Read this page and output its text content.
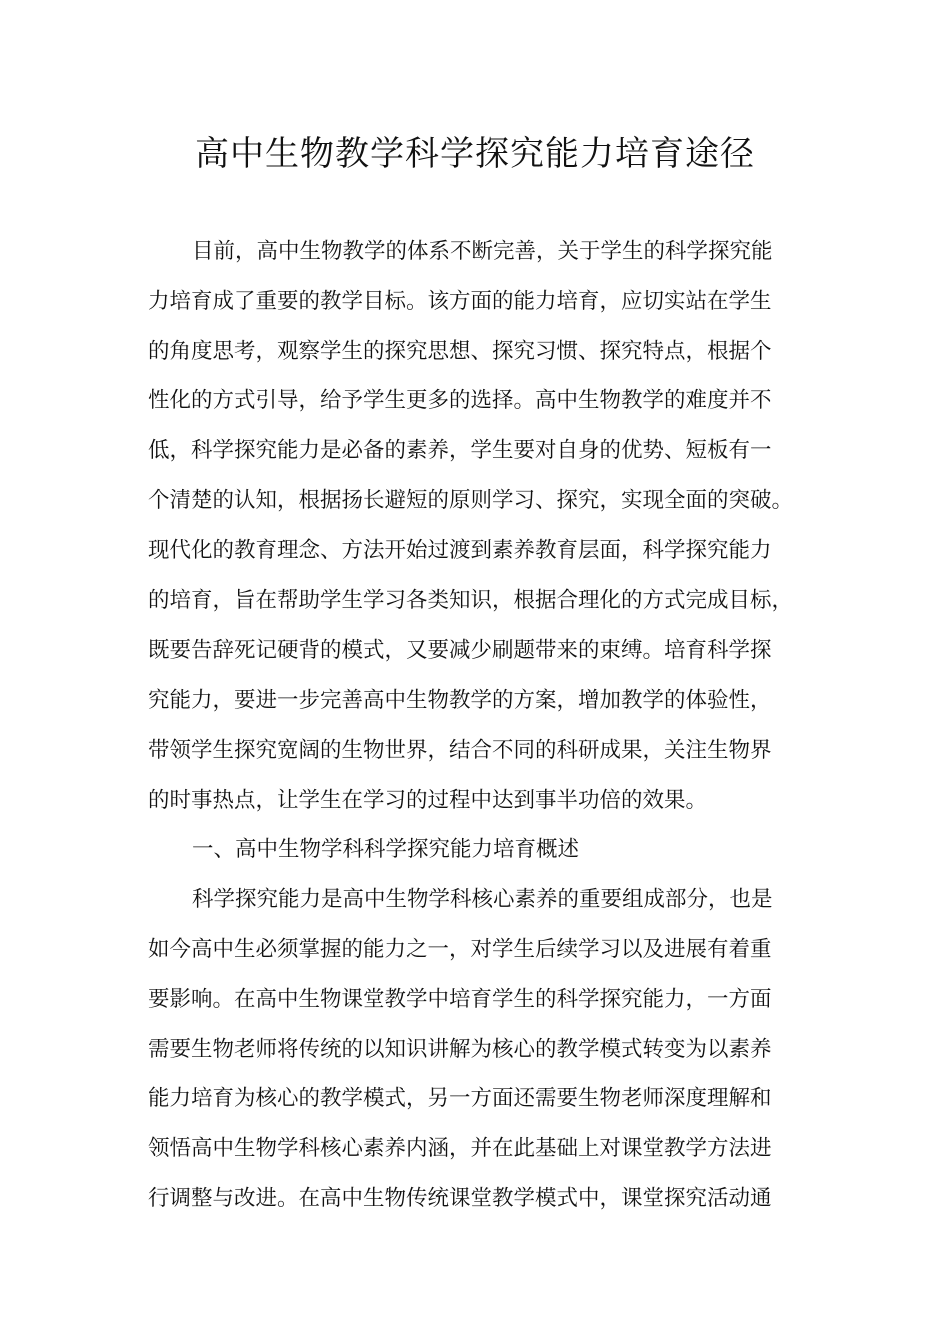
高中生物教学科学探究能力培育途径

目前，高中生物教学的体系不断完善，关于学生的科学探究能

力培育成了重要的教学目标。该方面的能力培育，应切实站在学生

的角度思考，观察学生的探究思想、探究习惯、探究特点，根据个

性化的方式引导，给予学生更多的选择。高中生物教学的难度并不

低，科学探究能力是必备的素养，学生要对自身的优势、短板有一

个清楚的认知，根据扬长避短的原则学习、探究，实现全面的突破。

现代化的教育理念、方法开始过渡到素养教育层面，科学探究能力

的培育，旨在帮助学生学习各类知识，根据合理化的方式完成目标，

既要告辞死记硬背的模式，又要减少刷题带来的束缚。培育科学探

究能力，要进一步完善高中生物教学的方案，增加教学的体验性，

带领学生探究宽阔的生物世界，结合不同的科研成果，关注生物界

的时事热点，让学生在学习的过程中达到事半功倍的效果。

一、高中生物学科科学探究能力培育概述

科学探究能力是高中生物学科核心素养的重要组成部分，也是

如今高中生必须掌握的能力之一，对学生后续学习以及进展有着重

要影响。在高中生物课堂教学中培育学生的科学探究能力，一方面

需要生物老师将传统的以知识讲解为核心的教学模式转变为以素养

能力培育为核心的教学模式，另一方面还需要生物老师深度理解和

领悟高中生物学科核心素养内涵，并在此基础上对课堂教学方法进

行调整与改进。在高中生物传统课堂教学模式中，课堂探究活动通
